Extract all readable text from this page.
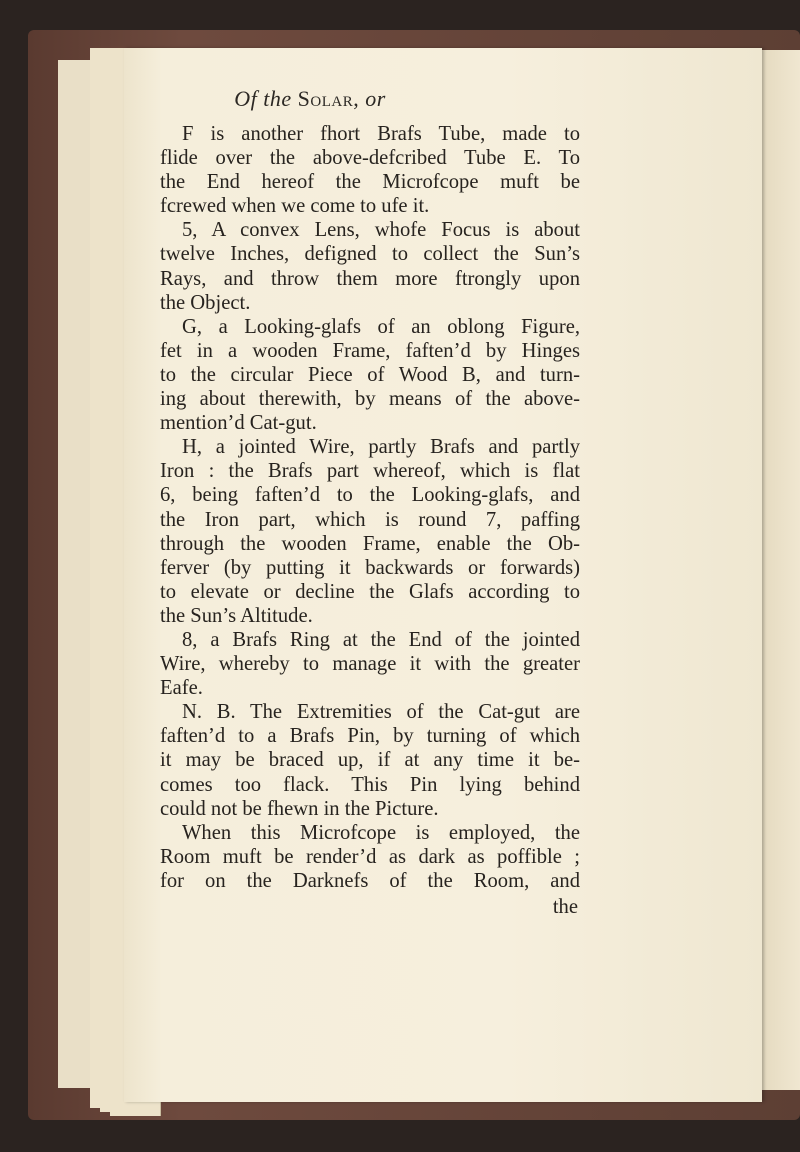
Of the Solar, or
F is another fhort Brafs Tube, made to
flide over the above-defcribed Tube E. To
the End hereof the Microfcope muft be
fcrewed when we come to ufe it.
5, A convex Lens, whofe Focus is about
twelve Inches, defigned to collect the Sun’s
Rays, and throw them more ftrongly upon
the Object.
G, a Looking-glafs of an oblong Figure,
fet in a wooden Frame, faften’d by Hinges
to the circular Piece of Wood B, and turn-
ing about therewith, by means of the above-
mention’d Cat-gut.
H, a jointed Wire, partly Brafs and partly
Iron : the Brafs part whereof, which is flat
6, being faften’d to the Looking-glafs, and
the Iron part, which is round 7, paffing
through the wooden Frame, enable the Ob-
ferver (by putting it backwards or forwards)
to elevate or decline the Glafs according to
the Sun’s Altitude.
8, a Brafs Ring at the End of the jointed
Wire, whereby to manage it with the greater
Eafe.
N. B. The Extremities of the Cat-gut are
faften’d to a Brafs Pin, by turning of which
it may be braced up, if at any time it be-
comes too flack. This Pin lying behind
could not be fhewn in the Picture.
When this Microfcope is employed, the
Room muft be render’d as dark as poffible ;
for on the Darknefs of the Room, and
the
